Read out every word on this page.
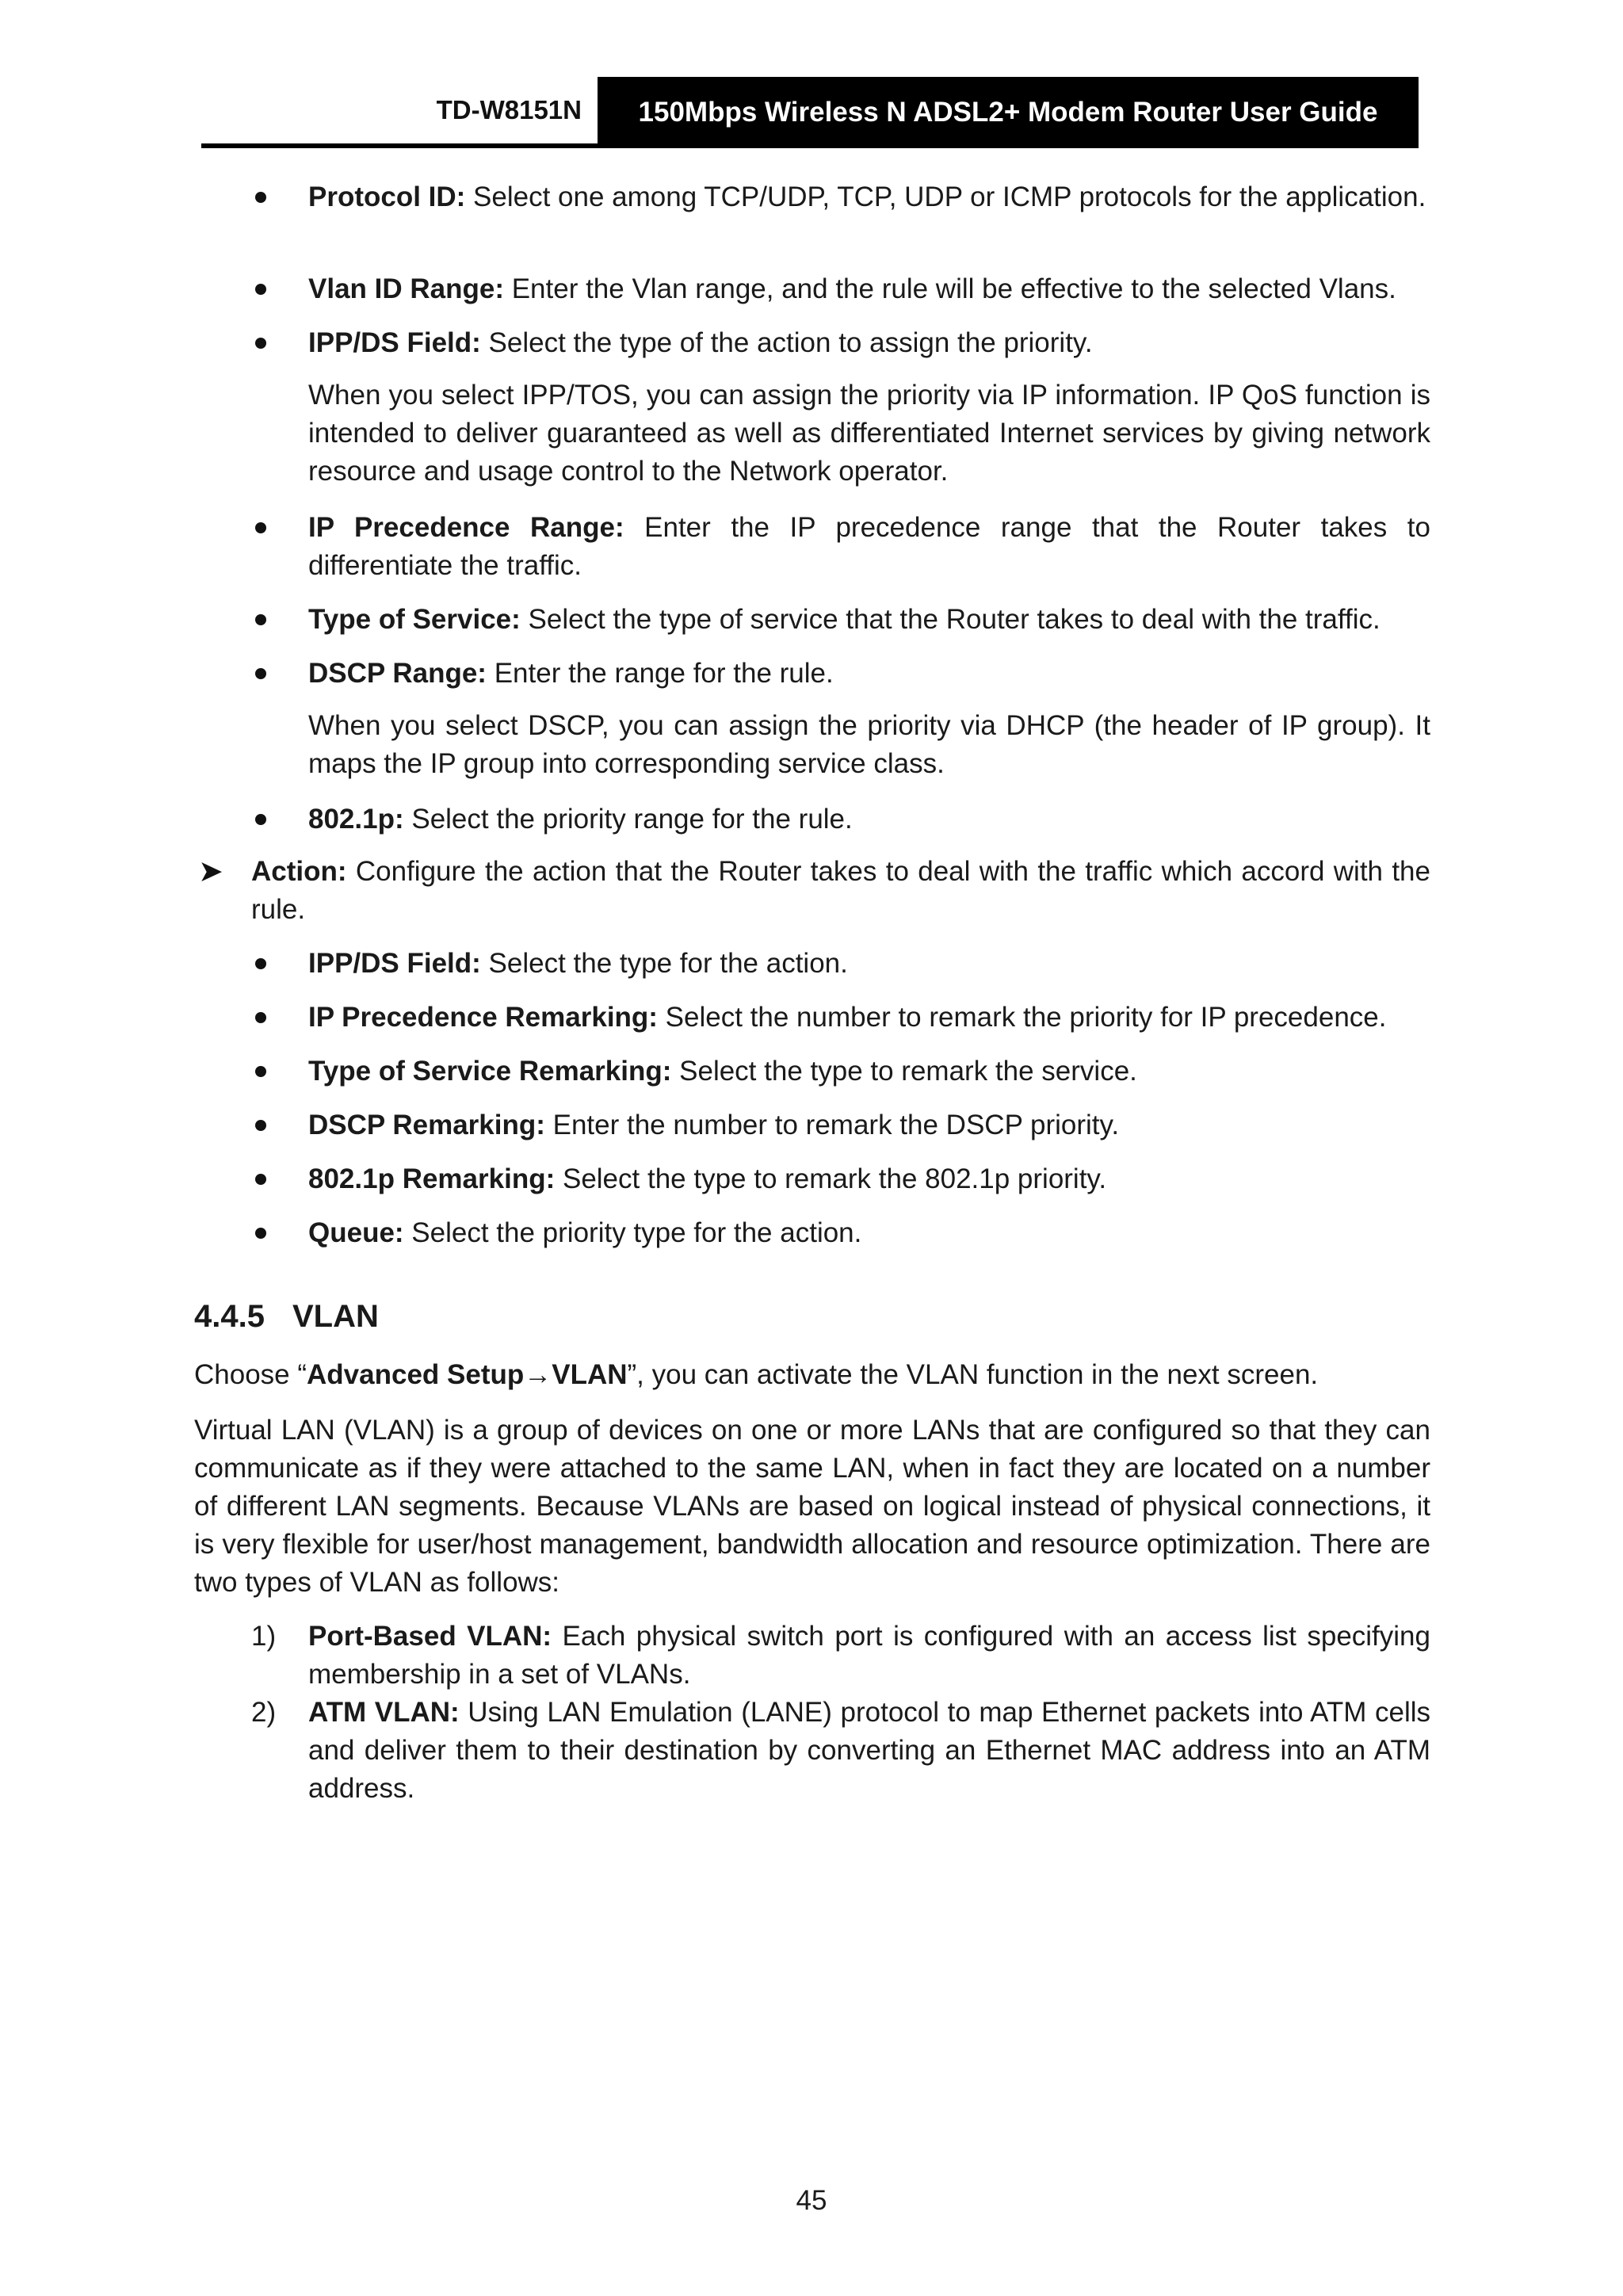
TD-W8151N	150Mbps Wireless N ADSL2+ Modem Router User Guide
Protocol ID: Select one among TCP/UDP, TCP, UDP or ICMP protocols for the application.
Vlan ID Range: Enter the Vlan range, and the rule will be effective to the selected Vlans.
IPP/DS Field: Select the type of the action to assign the priority.
When you select IPP/TOS, you can assign the priority via IP information. IP QoS function is intended to deliver guaranteed as well as differentiated Internet services by giving network resource and usage control to the Network operator.
IP Precedence Range: Enter the IP precedence range that the Router takes to differentiate the traffic.
Type of Service: Select the type of service that the Router takes to deal with the traffic.
DSCP Range: Enter the range for the rule.
When you select DSCP, you can assign the priority via DHCP (the header of IP group). It maps the IP group into corresponding service class.
802.1p: Select the priority range for the rule.
➤ Action: Configure the action that the Router takes to deal with the traffic which accord with the rule.
IPP/DS Field: Select the type for the action.
IP Precedence Remarking: Select the number to remark the priority for IP precedence.
Type of Service Remarking: Select the type to remark the service.
DSCP Remarking: Enter the number to remark the DSCP priority.
802.1p Remarking: Select the type to remark the 802.1p priority.
Queue: Select the priority type for the action.
4.4.5 VLAN
Choose “Advanced Setup→VLAN”, you can activate the VLAN function in the next screen.
Virtual LAN (VLAN) is a group of devices on one or more LANs that are configured so that they can communicate as if they were attached to the same LAN, when in fact they are located on a number of different LAN segments. Because VLANs are based on logical instead of physical connections, it is very flexible for user/host management, bandwidth allocation and resource optimization. There are two types of VLAN as follows:
1) Port-Based VLAN: Each physical switch port is configured with an access list specifying membership in a set of VLANs.
2) ATM VLAN: Using LAN Emulation (LANE) protocol to map Ethernet packets into ATM cells and deliver them to their destination by converting an Ethernet MAC address into an ATM address.
45
